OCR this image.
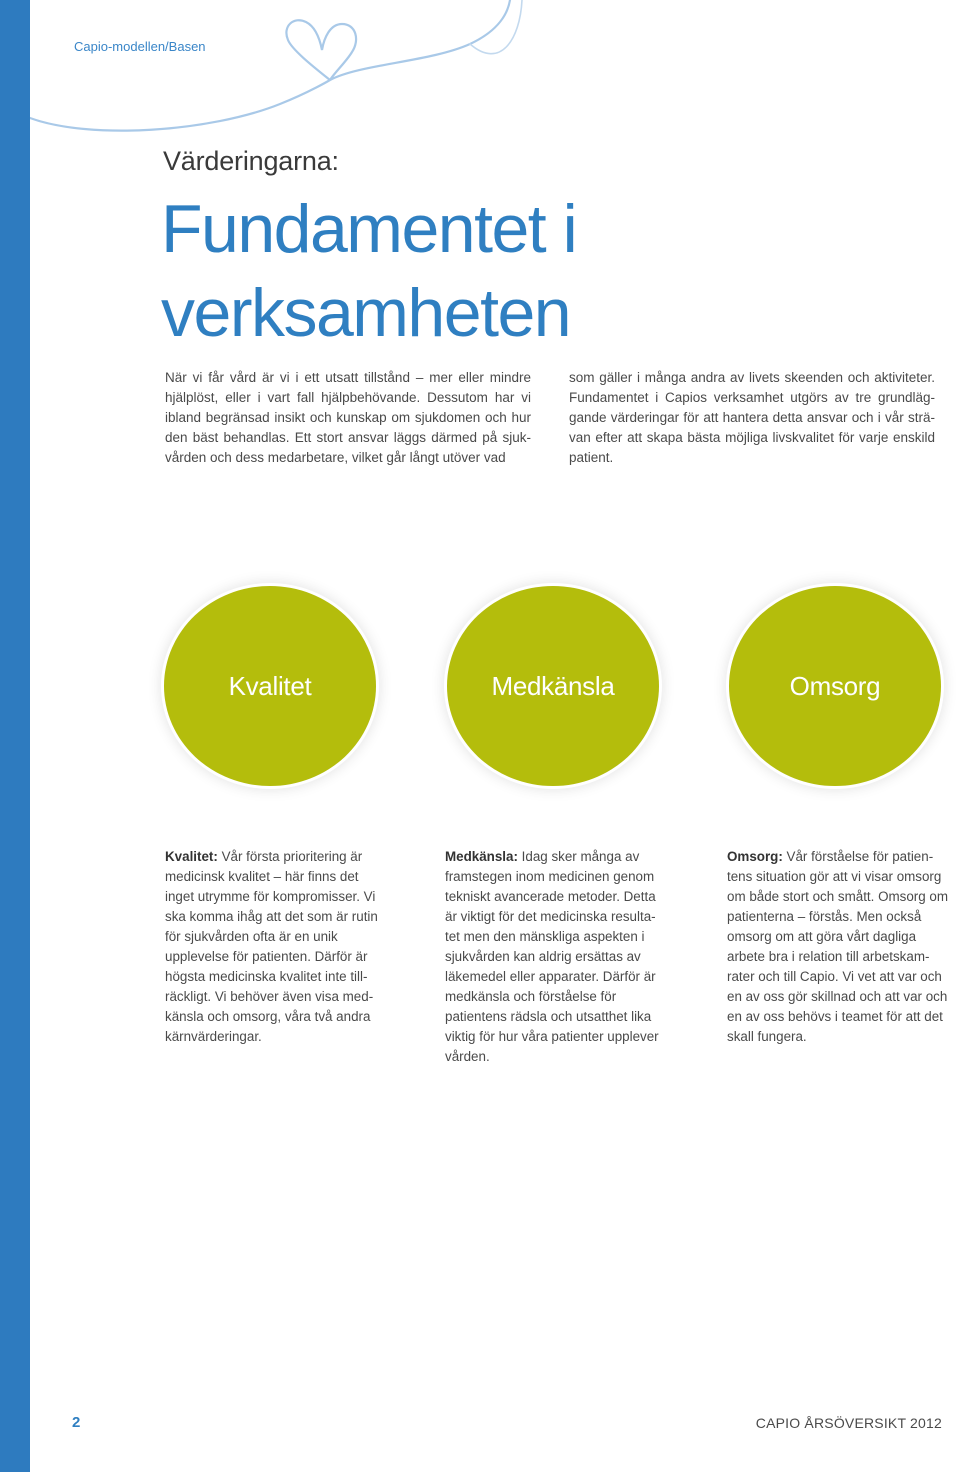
Capio-modellen/Basen
Värderingarna:
Fundamentet i
verksamheten
När vi får vård är vi i ett utsatt tillstånd – mer eller mindre hjälplöst, eller i vart fall hjälpbehövande. Dessutom har vi ibland begränsad insikt och kunskap om sjukdomen och hur den bäst behandlas. Ett stort ansvar läggs därmed på sjuk-vården och dess medarbetare, vilket går långt utöver vad
som gäller i många andra av livets skeenden och aktiviteter. Fundamentet i Capios verksamhet utgörs av tre grundläg-gande värderingar för att hantera detta ansvar och i vår strä-van efter att skapa bästa möjliga livskvalitet för varje enskild patient.
Kvalitet	Medkänsla	Omsorg
Kvalitet: Vår första prioritering är medicinsk kvalitet – här finns det inget utrymme för kompromisser. Vi ska komma ihåg att det som är rutin för sjukvården ofta är en unik upplevelse för patienten. Därför är högsta medicinska kvalitet inte till-räckligt. Vi behöver även visa med-känsla och omsorg, våra två andra kärnvärderingar.
Medkänsla: Idag sker många av framstegen inom medicinen genom tekniskt avancerade metoder. Detta är viktigt för det medicinska resulta-tet men den mänskliga aspekten i sjukvården kan aldrig ersättas av läkemedel eller apparater. Därför är medkänsla och förståelse för patientens rädsla och utsatthet lika viktig för hur våra patienter upplever vården.
Omsorg: Vår förståelse för patien-tens situation gör att vi visar omsorg om både stort och smått. Omsorg om patienterna – förstås. Men också omsorg om att göra vårt dagliga arbete bra i relation till arbetskam-rater och till Capio. Vi vet att var och en av oss gör skillnad och att var och en av oss behövs i teamet för att det skall fungera.
2	CAPIO ÅRSÖVERSIKT 2012
